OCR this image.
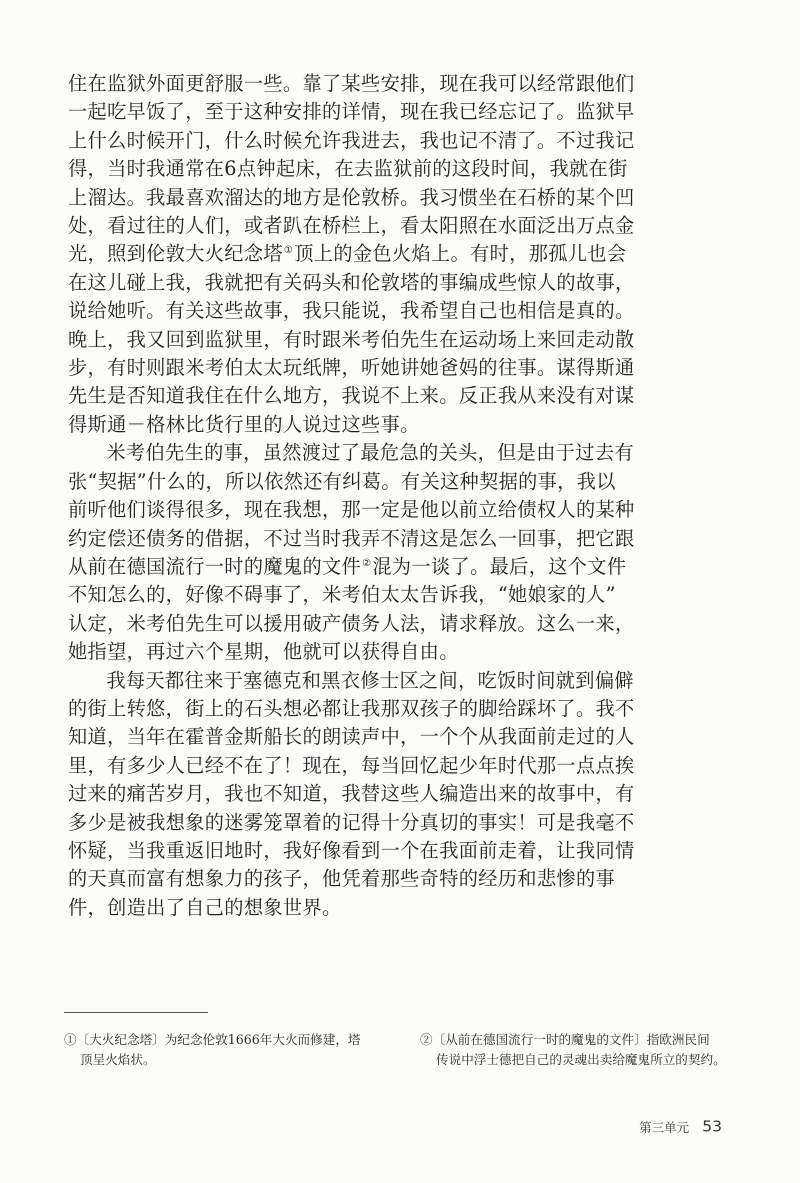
住在监狱外面更舒服一些。靠了某些安排，现在我可以经常跟他们
一起吃早饭了，至于这种安排的详情，现在我已经忘记了。监狱早
上什么时候开门，什么时候允许我进去，我也记不清了。不过我记
得，当时我通常在6点钟起床，在去监狱前的这段时间，我就在街
上溜达。我最喜欢溜达的地方是伦敦桥。我习惯坐在石桥的某个凹
处，看过往的人们，或者趴在桥栏上，看太阳照在水面泛出万点金
光，照到伦敦大火纪念塔①顶上的金色火焰上。有时，那孤儿也会
在这儿碰上我，我就把有关码头和伦敦塔的事编成些惊人的故事，
说给她听。有关这些故事，我只能说，我希望自己也相信是真的。
晚上，我又回到监狱里，有时跟米考伯先生在运动场上来回走动散
步，有时则跟米考伯太太玩纸牌，听她讲她爸妈的往事。谋得斯通
先生是否知道我住在什么地方，我说不上来。反正我从来没有对谋
得斯通－格林比货行里的人说过这些事。

米考伯先生的事，虽然渡过了最危急的关头，但是由于过去有
张“契据”什么的，所以依然还有纠葛。有关这种契据的事，我以
前听他们谈得很多，现在我想，那一定是他以前立给债权人的某种
约定偿还债务的借据，不过当时我弄不清这是怎么一回事，把它跟
从前在德国流行一时的魔鬼的文件②混为一谈了。最后，这个文件
不知怎么的，好像不碍事了，米考伯太太告诉我，“她娘家的人”
认定，米考伯先生可以援用破产债务人法，请求释放。这么一来，
她指望，再过六个星期，他就可以获得自由。

我每天都往来于塞德克和黑衣修士区之间，吃饭时间就到偏僻
的街上转悠，街上的石头想必都让我那双孩子的脚给踩坏了。我不
知道，当年在霍普金斯船长的朗读声中，一个个从我面前走过的人
里，有多少人已经不在了！现在，每当回忆起少年时代那一点点挨
过来的痛苦岁月，我也不知道，我替这些人编造出来的故事中，有
多少是被我想象的迷雾笼罩着的记得十分真切的事实！可是我毫不
怀疑，当我重返旧地时，我好像看到一个在我面前走着，让我同情
的天真而富有想象力的孩子，他凭着那些奇特的经历和悲惨的事
件，创造出了自己的想象世界。

①〔大火纪念塔〕为纪念伦敦1666年大火而修建，塔
顶呈火焰状。
②〔从前在德国流行一时的魔鬼的文件〕指欧洲民间
传说中浮士德把自己的灵魂出卖给魔鬼所立的契约。
第三单元 53
